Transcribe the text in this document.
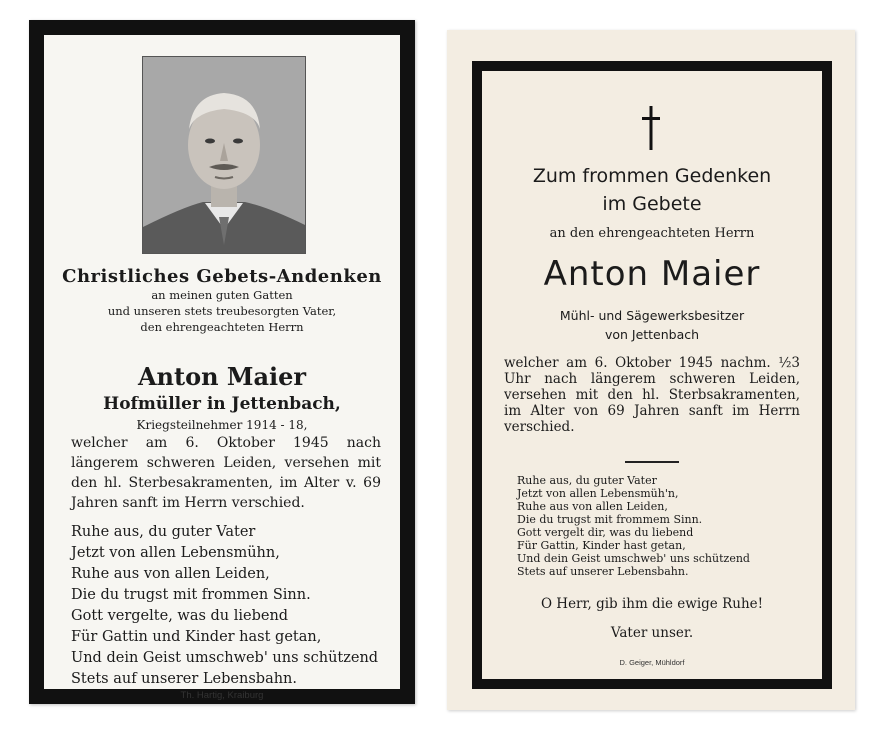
Christliches Gebets-Andenken
an meinen guten Gatten
und unseren stets treubesorgten Vater,
den ehrengeachteten Herrn
Anton Maier
Hofmüller in Jettenbach,
Kriegsteilnehmer 1914 - 18,
welcher am 6. Oktober 1945 nach längerem schweren Leiden, versehen mit den hl. Sterbesakramenten, im Alter v. 69 Jahren sanft im Herrn verschied.
Ruhe aus, du guter Vater
Jetzt von allen Lebensmühn,
Ruhe aus von allen Leiden,
Die du trugst mit frommen Sinn.
Gott vergelte, was du liebend
Für Gattin und Kinder hast getan,
Und dein Geist umschweb' uns schützend
Stets auf unserer Lebensbahn.
Th. Hartig, Kraiburg
Zum frommen Gedenken
im Gebete
an den ehrengeachteten Herrn
Anton Maier
Mühl- und Sägewerksbesitzer
von Jettenbach
welcher am 6. Oktober 1945 nachm. ½3 Uhr nach längerem schweren Leiden, versehen mit den hl. Sterbsakramenten, im Alter von 69 Jahren sanft im Herrn verschied.
Ruhe aus, du guter Vater
Jetzt von allen Lebensmüh'n,
Ruhe aus von allen Leiden,
Die du trugst mit frommem Sinn.
Gott vergelt dir, was du liebend
Für Gattin, Kinder hast getan,
Und dein Geist umschweb' uns schützend
Stets auf unserer Lebensbahn.
O Herr, gib ihm die ewige Ruhe!
Vater unser.
D. Geiger, Mühldorf
